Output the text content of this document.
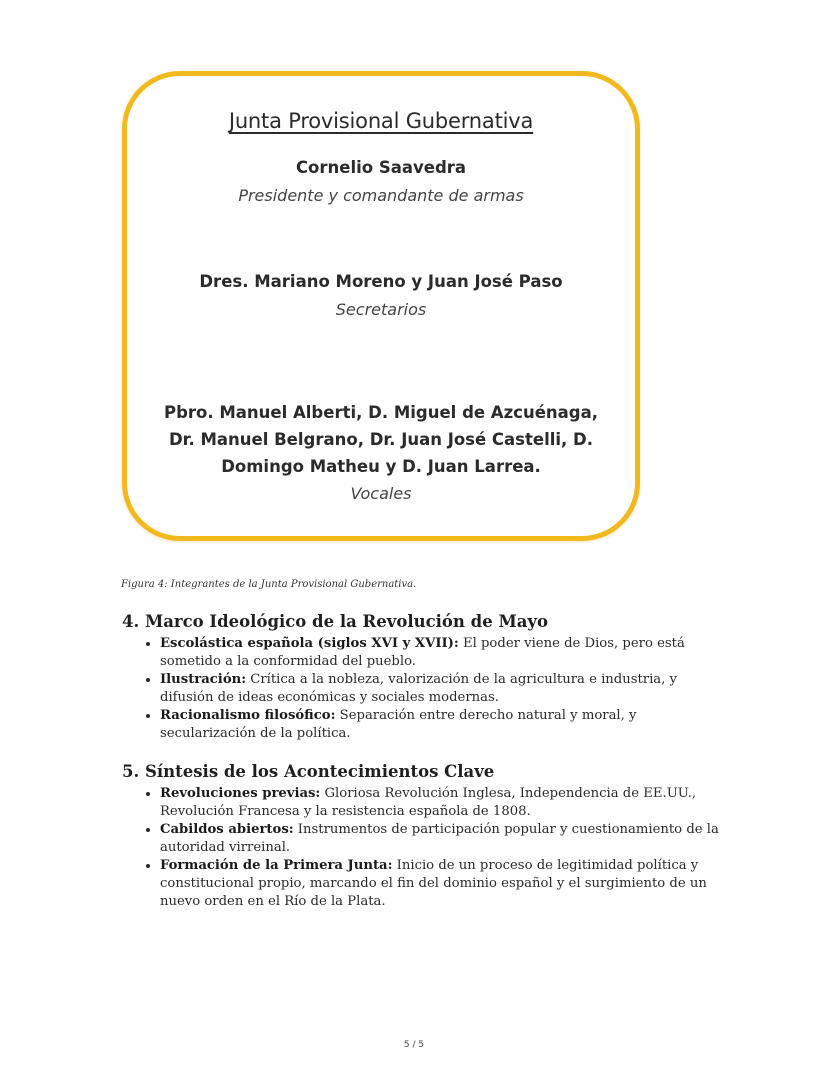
Junta Provisional Gubernativa
Cornelio Saavedra
Presidente y comandante de armas
Dres. Mariano Moreno y Juan José Paso
Secretarios
Pbro. Manuel Alberti, D. Miguel de Azcuénaga,
Dr. Manuel Belgrano, Dr. Juan José Castelli, D.
Domingo Matheu y D. Juan Larrea.
Vocales
Figura 4: Integrantes de la Junta Provisional Gubernativa.
4. Marco Ideológico de la Revolución de Mayo
• Escolástica española (siglos XVI y XVII): El poder viene de Dios, pero está sometido a la conformidad del pueblo.
• Ilustración: Crítica a la nobleza, valorización de la agricultura e industria, y difusión de ideas económicas y sociales modernas.
• Racionalismo filosófico: Separación entre derecho natural y moral, y secularización de la política.
5. Síntesis de los Acontecimientos Clave
• Revoluciones previas: Gloriosa Revolución Inglesa, Independencia de EE.UU., Revolución Francesa y la resistencia española de 1808.
• Cabildos abiertos: Instrumentos de participación popular y cuestionamiento de la autoridad virreinal.
• Formación de la Primera Junta: Inicio de un proceso de legitimidad política y constitucional propio, marcando el fin del dominio español y el surgimiento de un nuevo orden en el Río de la Plata.
5 / 5
